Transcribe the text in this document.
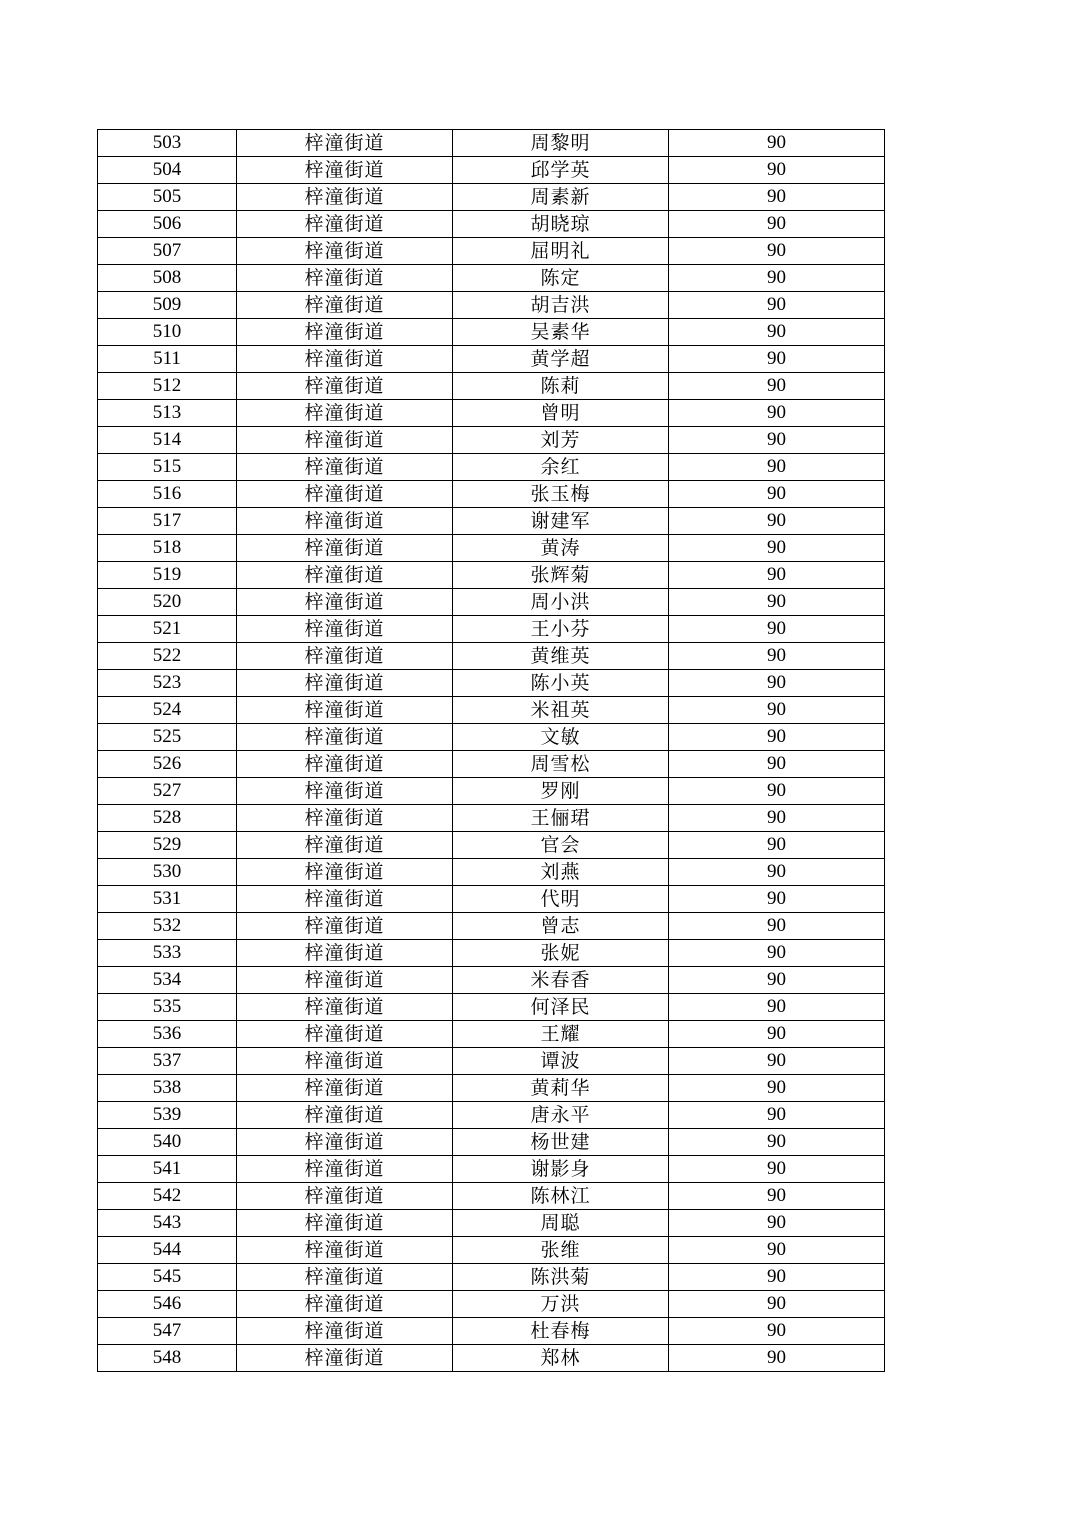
503	梓潼街道	周黎明	90
504	梓潼街道	邱学英	90
505	梓潼街道	周素新	90
506	梓潼街道	胡晓琼	90
507	梓潼街道	屈明礼	90
508	梓潼街道	陈定	90
509	梓潼街道	胡吉洪	90
510	梓潼街道	吴素华	90
511	梓潼街道	黄学超	90
512	梓潼街道	陈莉	90
513	梓潼街道	曾明	90
514	梓潼街道	刘芳	90
515	梓潼街道	余红	90
516	梓潼街道	张玉梅	90
517	梓潼街道	谢建军	90
518	梓潼街道	黄涛	90
519	梓潼街道	张辉菊	90
520	梓潼街道	周小洪	90
521	梓潼街道	王小芬	90
522	梓潼街道	黄维英	90
523	梓潼街道	陈小英	90
524	梓潼街道	米祖英	90
525	梓潼街道	文敏	90
526	梓潼街道	周雪松	90
527	梓潼街道	罗刚	90
528	梓潼街道	王俪珺	90
529	梓潼街道	官会	90
530	梓潼街道	刘燕	90
531	梓潼街道	代明	90
532	梓潼街道	曾志	90
533	梓潼街道	张妮	90
534	梓潼街道	米春香	90
535	梓潼街道	何泽民	90
536	梓潼街道	王耀	90
537	梓潼街道	谭波	90
538	梓潼街道	黄莉华	90
539	梓潼街道	唐永平	90
540	梓潼街道	杨世建	90
541	梓潼街道	谢影身	90
542	梓潼街道	陈林江	90
543	梓潼街道	周聪	90
544	梓潼街道	张维	90
545	梓潼街道	陈洪菊	90
546	梓潼街道	万洪	90
547	梓潼街道	杜春梅	90
548	梓潼街道	郑林	90
